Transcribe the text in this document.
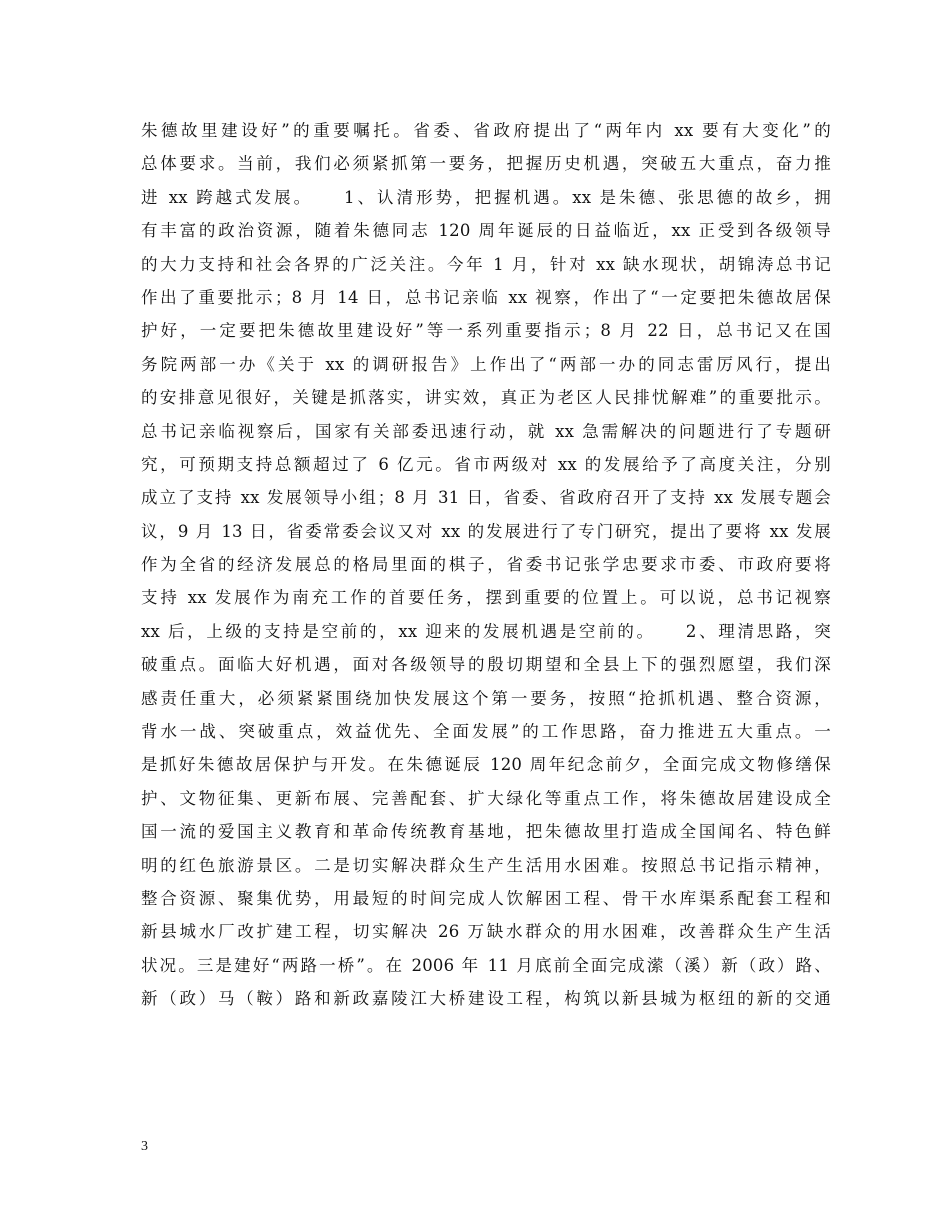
朱德故里建设好”的重要嘱托。省委、省政府提出了“两年内 xx 要有大变化”的
总体要求。当前，我们必须紧抓第一要务，把握历史机遇，突破五大重点，奋力推
进 xx 跨越式发展。　　1、认清形势，把握机遇。xx 是朱德、张思德的故乡，拥
有丰富的政治资源，随着朱德同志 120 周年诞辰的日益临近，xx 正受到各级领导
的大力支持和社会各界的广泛关注。今年 1 月，针对 xx 缺水现状，胡锦涛总书记
作出了重要批示；8 月 14 日，总书记亲临 xx 视察，作出了“一定要把朱德故居保
护好，一定要把朱德故里建设好”等一系列重要指示；8 月 22 日，总书记又在国
务院两部一办《关于 xx 的调研报告》上作出了“两部一办的同志雷厉风行，提出
的安排意见很好，关键是抓落实，讲实效，真正为老区人民排忧解难”的重要批示。
总书记亲临视察后，国家有关部委迅速行动，就 xx 急需解决的问题进行了专题研
究，可预期支持总额超过了 6 亿元。省市两级对 xx 的发展给予了高度关注，分别
成立了支持 xx 发展领导小组；8 月 31 日，省委、省政府召开了支持 xx 发展专题会
议，9 月 13 日，省委常委会议又对 xx 的发展进行了专门研究，提出了要将 xx 发展
作为全省的经济发展总的格局里面的棋子，省委书记张学忠要求市委、市政府要将
支持 xx 发展作为南充工作的首要任务，摆到重要的位置上。可以说，总书记视察
xx 后，上级的支持是空前的，xx 迎来的发展机遇是空前的。　　2、理清思路，突
破重点。面临大好机遇，面对各级领导的殷切期望和全县上下的强烈愿望，我们深
感责任重大，必须紧紧围绕加快发展这个第一要务，按照“抢抓机遇、整合资源，
背水一战、突破重点，效益优先、全面发展”的工作思路，奋力推进五大重点。一
是抓好朱德故居保护与开发。在朱德诞辰 120 周年纪念前夕，全面完成文物修缮保
护、文物征集、更新布展、完善配套、扩大绿化等重点工作，将朱德故居建设成全
国一流的爱国主义教育和革命传统教育基地，把朱德故里打造成全国闻名、特色鲜
明的红色旅游景区。二是切实解决群众生产生活用水困难。按照总书记指示精神，
整合资源、聚集优势，用最短的时间完成人饮解困工程、骨干水库渠系配套工程和
新县城水厂改扩建工程，切实解决 26 万缺水群众的用水困难，改善群众生产生活
状况。三是建好“两路一桥”。在 2006 年 11 月底前全面完成潆（溪）新（政）路、
新（政）马（鞍）路和新政嘉陵江大桥建设工程，构筑以新县城为枢纽的新的交通
3
